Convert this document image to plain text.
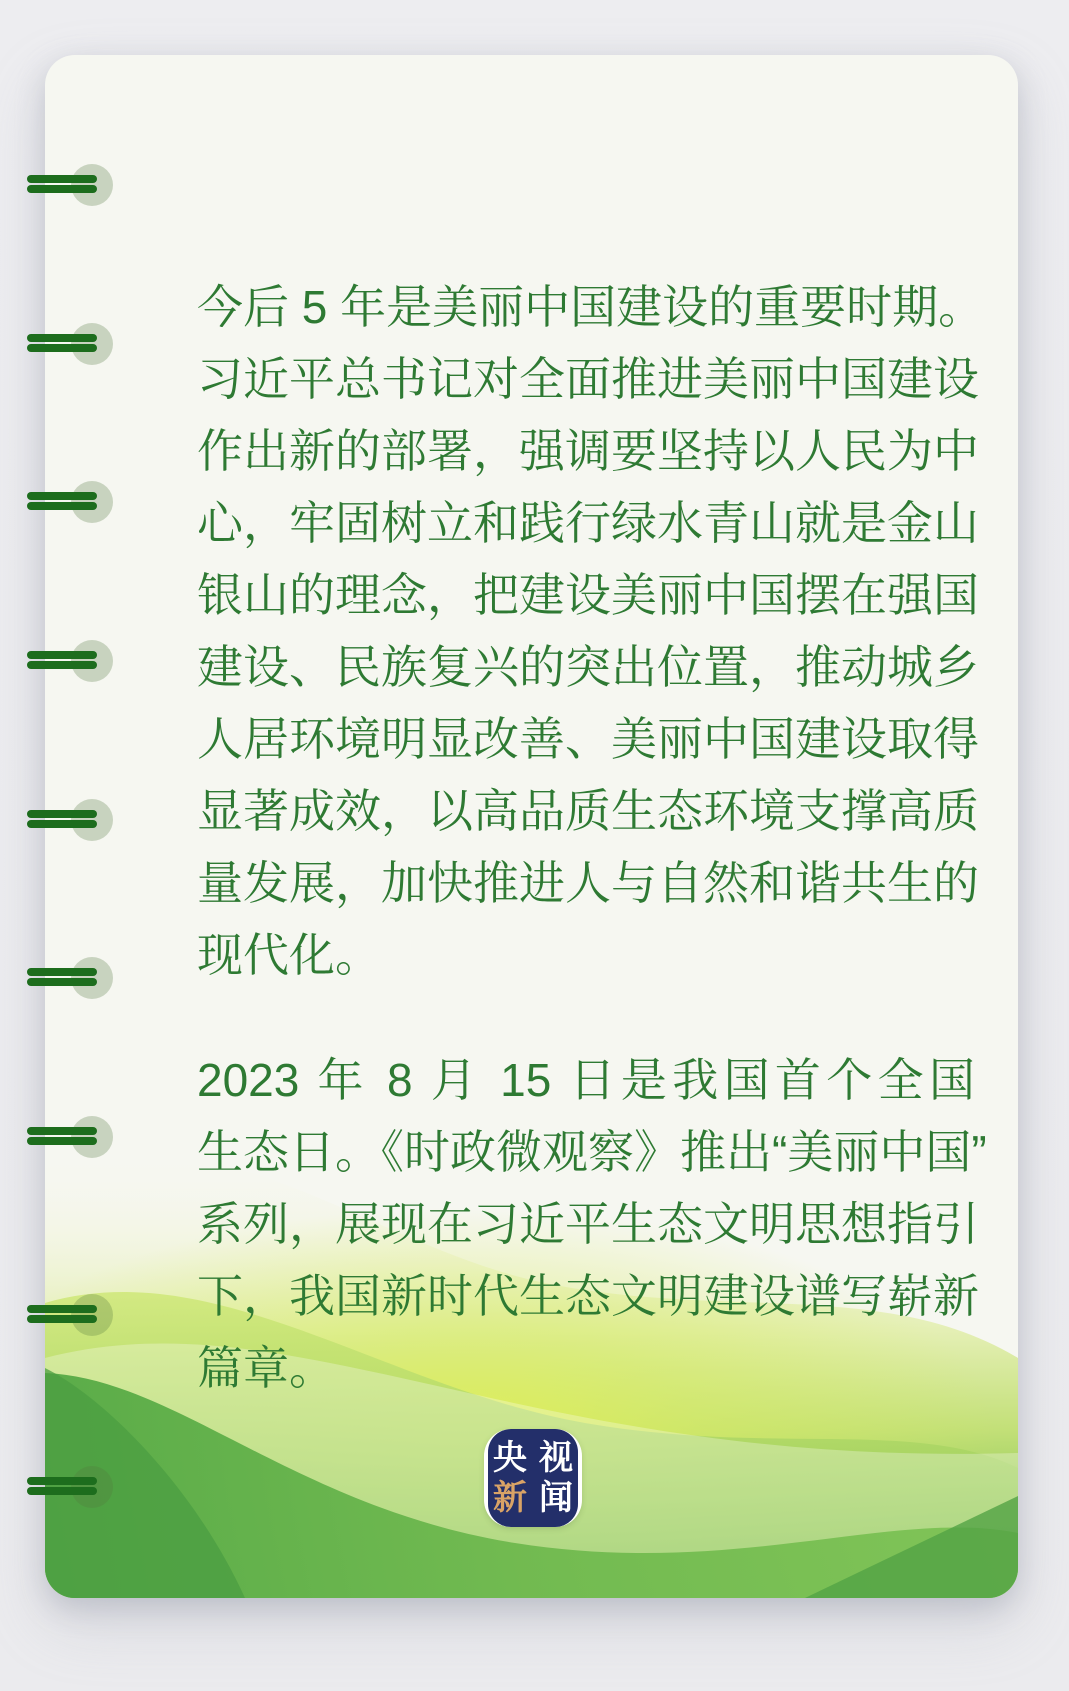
今后 5 年是美丽中国建设的重要时期。
习近平总书记对全面推进美丽中国建设
作出新的部署，强调要坚持以人民为中
心，牢固树立和践行绿水青山就是金山
银山的理念，把建设美丽中国摆在强国
建设、民族复兴的突出位置，推动城乡
人居环境明显改善、美丽中国建设取得
显著成效，以高品质生态环境支撑高质
量发展，加快推进人与自然和谐共生的
现代化。
2023 年 8 月 15 日是我国首个全国
生态日。《时政微观察》推出“美丽中国”
系列，展现在习近平生态文明思想指引
下，我国新时代生态文明建设谱写崭新
篇章。
央 视
新 闻
